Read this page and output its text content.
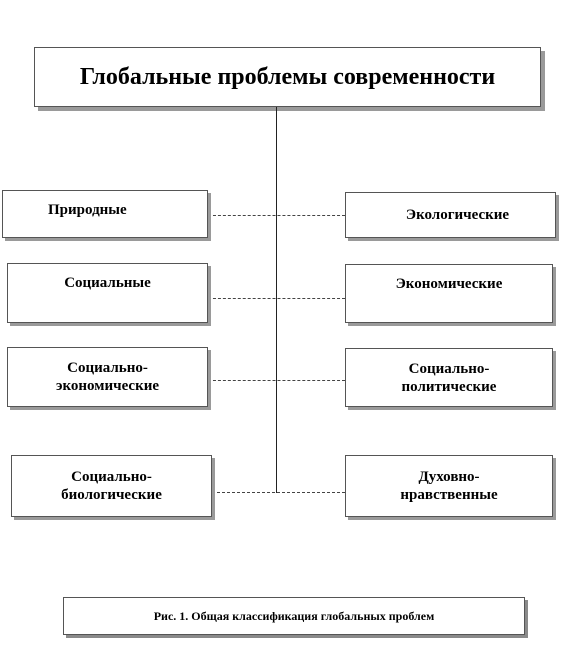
Глобальные проблемы современности
Природные
Социальные
Социально-
экономические
Социально-
биологические
Экологические
Экономические
Социально-
политические
Духовно-
нравственные
Рис. 1. Общая классификация глобальных проблем
